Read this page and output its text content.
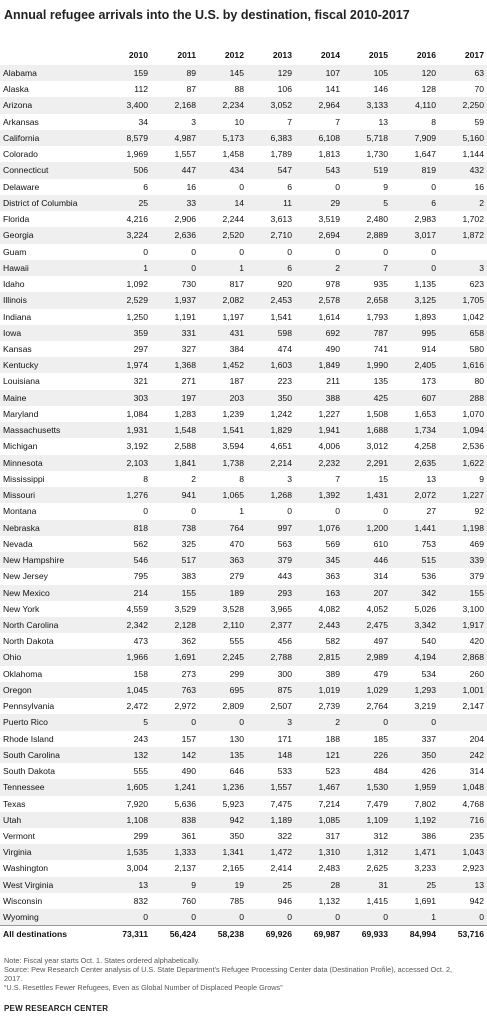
Annual refugee arrivals into the U.S. by destination, fiscal 2010-2017
	2010	2011	2012	2013	2014	2015	2016	2017
Alabama	159	89	145	129	107	105	120	63
Alaska	112	87	88	106	141	146	128	70
Arizona	3,400	2,168	2,234	3,052	2,964	3,133	4,110	2,250
Arkansas	34	3	10	7	7	13	8	59
California	8,579	4,987	5,173	6,383	6,108	5,718	7,909	5,160
Colorado	1,969	1,557	1,458	1,789	1,813	1,730	1,647	1,144
Connecticut	506	447	434	547	543	519	819	432
Delaware	6	16	0	6	0	9	0	16
District of Columbia	25	33	14	11	29	5	6	2
Florida	4,216	2,906	2,244	3,613	3,519	2,480	2,983	1,702
Georgia	3,224	2,636	2,520	2,710	2,694	2,889	3,017	1,872
Guam	0	0	0	0	0	0	0	
Hawaii	1	0	1	6	2	7	0	3
Idaho	1,092	730	817	920	978	935	1,135	623
Illinois	2,529	1,937	2,082	2,453	2,578	2,658	3,125	1,705
Indiana	1,250	1,191	1,197	1,541	1,614	1,793	1,893	1,042
Iowa	359	331	431	598	692	787	995	658
Kansas	297	327	384	474	490	741	914	580
Kentucky	1,974	1,368	1,452	1,603	1,849	1,990	2,405	1,616
Louisiana	321	271	187	223	211	135	173	80
Maine	303	197	203	350	388	425	607	288
Maryland	1,084	1,283	1,239	1,242	1,227	1,508	1,653	1,070
Massachusetts	1,931	1,548	1,541	1,829	1,941	1,688	1,734	1,094
Michigan	3,192	2,588	3,594	4,651	4,006	3,012	4,258	2,536
Minnesota	2,103	1,841	1,738	2,214	2,232	2,291	2,635	1,622
Mississippi	8	2	8	3	7	15	13	9
Missouri	1,276	941	1,065	1,268	1,392	1,431	2,072	1,227
Montana	0	0	1	0	0	0	27	92
Nebraska	818	738	764	997	1,076	1,200	1,441	1,198
Nevada	562	325	470	563	569	610	753	469
New Hampshire	546	517	363	379	345	446	515	339
New Jersey	795	383	279	443	363	314	536	379
New Mexico	214	155	189	293	163	207	342	155
New York	4,559	3,529	3,528	3,965	4,082	4,052	5,026	3,100
North Carolina	2,342	2,128	2,110	2,377	2,443	2,475	3,342	1,917
North Dakota	473	362	555	456	582	497	540	420
Ohio	1,966	1,691	2,245	2,788	2,815	2,989	4,194	2,868
Oklahoma	158	273	299	300	389	479	534	260
Oregon	1,045	763	695	875	1,019	1,029	1,293	1,001
Pennsylvania	2,472	2,972	2,809	2,507	2,739	2,764	3,219	2,147
Puerto Rico	5	0	0	3	2	0	0	
Rhode Island	243	157	130	171	188	185	337	204
South Carolina	132	142	135	148	121	226	350	242
South Dakota	555	490	646	533	523	484	426	314
Tennessee	1,605	1,241	1,236	1,557	1,467	1,530	1,959	1,048
Texas	7,920	5,636	5,923	7,475	7,214	7,479	7,802	4,768
Utah	1,108	838	942	1,189	1,085	1,109	1,192	716
Vermont	299	361	350	322	317	312	386	235
Virginia	1,535	1,333	1,341	1,472	1,310	1,312	1,471	1,043
Washington	3,004	2,137	2,165	2,414	2,483	2,625	3,233	2,923
West Virginia	13	9	19	25	28	31	25	13
Wisconsin	832	760	785	946	1,132	1,415	1,691	942
Wyoming	0	0	0	0	0	0	1	0
All destinations	73,311	56,424	58,238	69,926	69,987	69,933	84,994	53,716
Note: Fiscal year starts Oct. 1. States ordered alphabetically.
Source: Pew Research Center analysis of U.S. State Department’s Refugee Processing Center data (Destination Profile), accessed Oct. 2,
2017.
“U.S. Resettles Fewer Refugees, Even as Global Number of Displaced People Grows”
PEW RESEARCH CENTER
